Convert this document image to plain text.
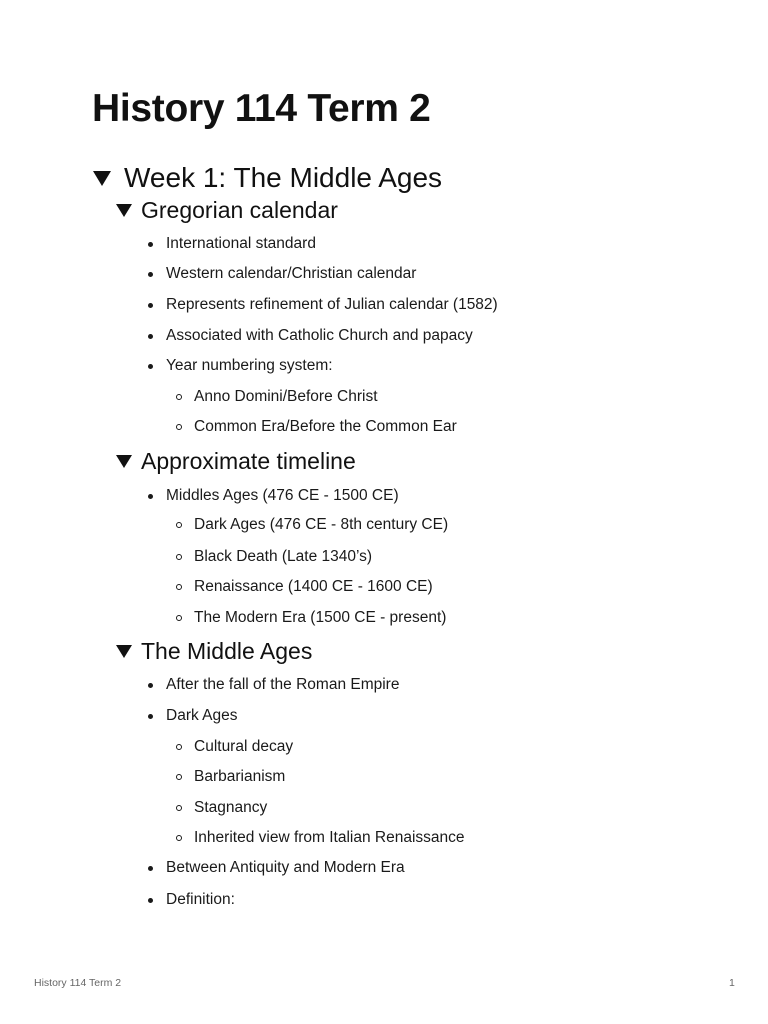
History 114 Term 2
Week 1: The Middle Ages
Gregorian calendar
International standard
Western calendar/Christian calendar
Represents refinement of Julian calendar (1582)
Associated with Catholic Church and papacy
Year numbering system:
Anno Domini/Before Christ
Common Era/Before the Common Ear
Approximate timeline
Middles Ages (476 CE - 1500 CE)
Dark Ages (476 CE - 8th century CE)
Black Death (Late 1340’s)
Renaissance (1400 CE - 1600 CE)
The Modern Era (1500 CE - present)
The Middle Ages
After the fall of the Roman Empire
Dark Ages
Cultural decay
Barbarianism
Stagnancy
Inherited view from Italian Renaissance
Between Antiquity and Modern Era
Definition:
History 114 Term 2	1
